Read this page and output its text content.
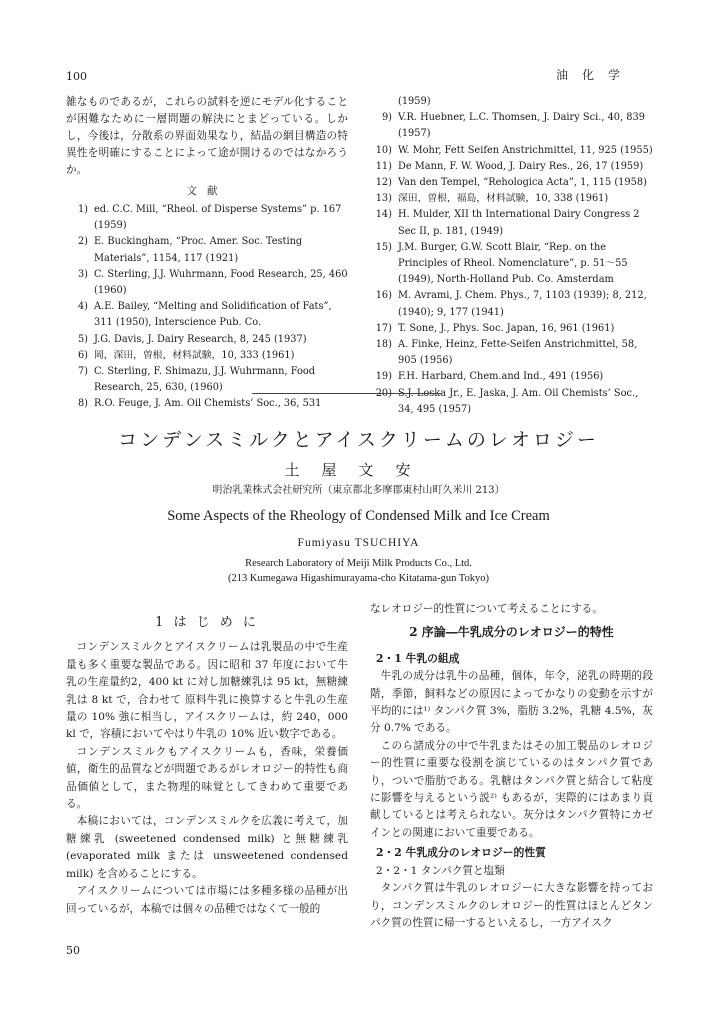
100	油化学

雑なものであるが，これらの試料を逆にモデル化することが困難なために一層問題の解決にとまどっている。しかし，今後は，分散系の界面効果なり，結晶の網目構造の特異性を明確にすることによって途が開けるのではなかろうか。

文献
1) ed. C.C. Mill, “Rheol. of Disperse Systems” p. 167 (1959)
2) E. Buckingham, “Proc. Amer. Soc. Testing Materials”, 1154, 117 (1921)
3) C. Sterling, J.J. Wuhrmann, Food Research, 25, 460 (1960)
4) A.E. Bailey, “Melting and Solidification of Fats”, 311 (1950), Interscience Pub. Co.
5) J.G. Davis, J. Dairy Research, 8, 245 (1937)
6) 岡，深田，曽根，材料試験，10, 333 (1961)
7) C. Sterling, F. Shimazu, J.J. Wuhrmann, Food Research, 25, 630, (1960)
8) R.O. Feuge, J. Am. Oil Chemists’ Soc., 36, 531
(1959)
9) V.R. Huebner, L.C. Thomsen, J. Dairy Sci., 40, 839 (1957)
10) W. Mohr, Fett Seifen Anstrichmittel, 11, 925 (1955)
11) De Mann, F. W. Wood, J. Dairy Res., 26, 17 (1959)
12) Van den Tempel, “Rehologica Acta”, 1, 115 (1958)
13) 深田，曽根，福島，材料試験，10, 338 (1961)
14) H. Mulder, XII th International Dairy Congress 2 Sec II, p. 181, (1949)
15) J.M. Burger, G.W. Scott Blair, “Rep. on the Principles of Rheol. Nomenclature”, p. 51～55 (1949), North-Holland Pub. Co. Amsterdam
16) M. Avrami, J. Chem. Phys., 7, 1103 (1939); 8, 212, (1940); 9, 177 (1941)
17) T. Sone, J., Phys. Soc. Japan, 16, 961 (1961)
18) A. Finke, Heinz, Fette-Seifen Anstrichmittel, 58, 905 (1956)
19) F.H. Harbard, Chem.and Ind., 491 (1956)
20) S.J. Loska Jr., E. Jaska, J. Am. Oil Chemists’ Soc., 34, 495 (1957)
コンデンスミルクとアイスクリームのレオロジー
土屋文安
明治乳業株式会社研究所（東京都北多摩郡東村山町久米川 213）
Some Aspects of the Rheology of Condensed Milk and Ice Cream
Fumiyasu TSUCHIYA
Research Laboratory of Meiji Milk Products Co., Ltd.
(213 Kumegawa Higashimurayama-cho Kitatama-gun Tokyo)
1 は じ め に

コンデンスミルクとアイスクリームは乳製品の中で生産量も多く重要な製品である。因に昭和 37 年度において牛乳の生産量約2，400 kt に対し加糖練乳は 95 kt，無糖練乳は 8 kt で，合わせて 原料牛乳に換算すると牛乳の生産量の 10% 強に相当し，アイスクリームは，約 240，000 kl で，容積においてやはり牛乳の 10% 近い数字である。

コンデンスミルクもアイスクリームも，香味，栄養価値，衛生的品質などが問題であるがレオロジー的特性も商品価値として，また物理的味覚としてきわめて重要である。

本稿においては，コンデンスミルクを広義に考えて，加糖練乳 (sweetened condensed milk) と無糖練乳 (evaporated milk または unsweetened condensed milk) を含めることにする。

アイスクリームについては市場には多種多様の品種が出回っているが，本稿では個々の品種ではなくて一般的

なレオロジー的性質について考えることにする。

2 序論―牛乳成分のレオロジー的特性
2・1 牛乳の組成

牛乳の成分は乳牛の品種，個体，年令，泌乳の時期的段階，季節，飼料などの原因によってかなりの変動を示すが平均的には¹⁾ タンパク質 3%，脂肪 3.2%，乳糖 4.5%，灰分 0.7% である。

このら諸成分の中で牛乳またはその加工製品のレオロジー的性質に重要な役割を演じているのはタンパク質であり，ついで脂肪である。乳糖はタンパク質と結合して粘度に影響を与えるという説²⁾ もあるが，実際的にはあまり貢献しているとは考えられない。灰分はタンパク質特にカゼインとの関連において重要である。

2・2 牛乳成分のレオロジー的性質
2・2・1 タンパク質と塩類

タンパク質は牛乳のレオロジーに大きな影響を持っており，コンデンスミルクのレオロジー的性質はほとんどタンパク質の性質に帰一するといえるし，一方アイスク

50
